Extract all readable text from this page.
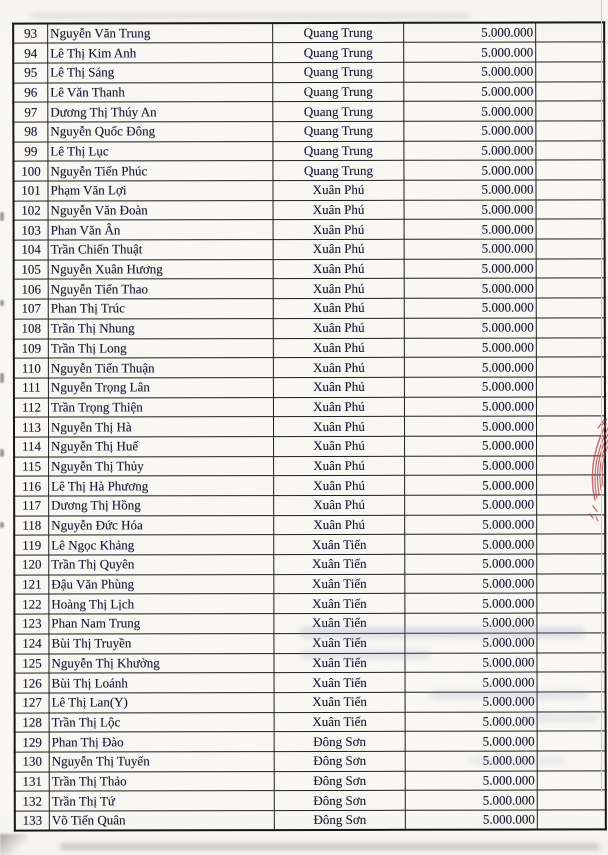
93	Nguyễn Văn Trung	Quang Trung	5.000.000	
94	Lê Thị Kim Anh	Quang Trung	5.000.000	
95	Lê Thị Sáng	Quang Trung	5.000.000	
96	Lê Văn Thanh	Quang Trung	5.000.000	
97	Dương Thị Thúy An	Quang Trung	5.000.000	
98	Nguyễn Quốc Đông	Quang Trung	5.000.000	
99	Lê Thị Lục	Quang Trung	5.000.000	
100	Nguyễn Tiến Phúc	Quang Trung	5.000.000	
101	Phạm Văn Lợi	Xuân Phú	5.000.000	
102	Nguyễn Văn Đoàn	Xuân Phú	5.000.000	
103	Phan Văn Ân	Xuân Phú	5.000.000	
104	Trần Chiến Thuật	Xuân Phú	5.000.000	
105	Nguyễn Xuân Hương	Xuân Phú	5.000.000	
106	Nguyễn Tiến Thao	Xuân Phú	5.000.000	
107	Phan Thị Trúc	Xuân Phú	5.000.000	
108	Trần Thị Nhung	Xuân Phú	5.000.000	
109	Trần Thị Long	Xuân Phú	5.000.000	
110	Nguyễn Tiến Thuận	Xuân Phú	5.000.000	
111	Nguyễn Trọng Lân	Xuân Phú	5.000.000	
112	Trần Trọng Thiện	Xuân Phú	5.000.000	
113	Nguyễn Thị Hà	Xuân Phú	5.000.000	
114	Nguyễn Thị Huế	Xuân Phú	5.000.000	
115	Nguyễn Thị Thủy	Xuân Phú	5.000.000	
116	Lê Thị Hà Phương	Xuân Phú	5.000.000	
117	Dương Thị Hồng	Xuân Phú	5.000.000	
118	Nguyễn Đức Hóa	Xuân Phú	5.000.000	
119	Lê Ngọc Khảng	Xuân Tiến	5.000.000	
120	Trần Thị Quyên	Xuân Tiến	5.000.000	
121	Đậu Văn Phùng	Xuân Tiến	5.000.000	
122	Hoàng Thị Lịch	Xuân Tiến	5.000.000	
123	Phan Nam Trung	Xuân Tiến	5.000.000	
124	Bùi Thị Truyền	Xuân Tiến	5.000.000	
125	Nguyễn Thị Khưởng	Xuân Tiến	5.000.000	
126	Bùi Thị Loánh	Xuân Tiến	5.000.000	
127	Lê Thị Lan(Y)	Xuân Tiến	5.000.000	
128	Trần Thị Lộc	Xuân Tiến	5.000.000	
129	Phan Thị Đào	Đông Sơn	5.000.000	
130	Nguyễn Thị Tuyến	Đông Sơn	5.000.000	
131	Trần Thị Thảo	Đông Sơn	5.000.000	
132	Trần Thị Tứ	Đông Sơn	5.000.000	
133	Võ Tiến Quân	Đông Sơn	5.000.000	
